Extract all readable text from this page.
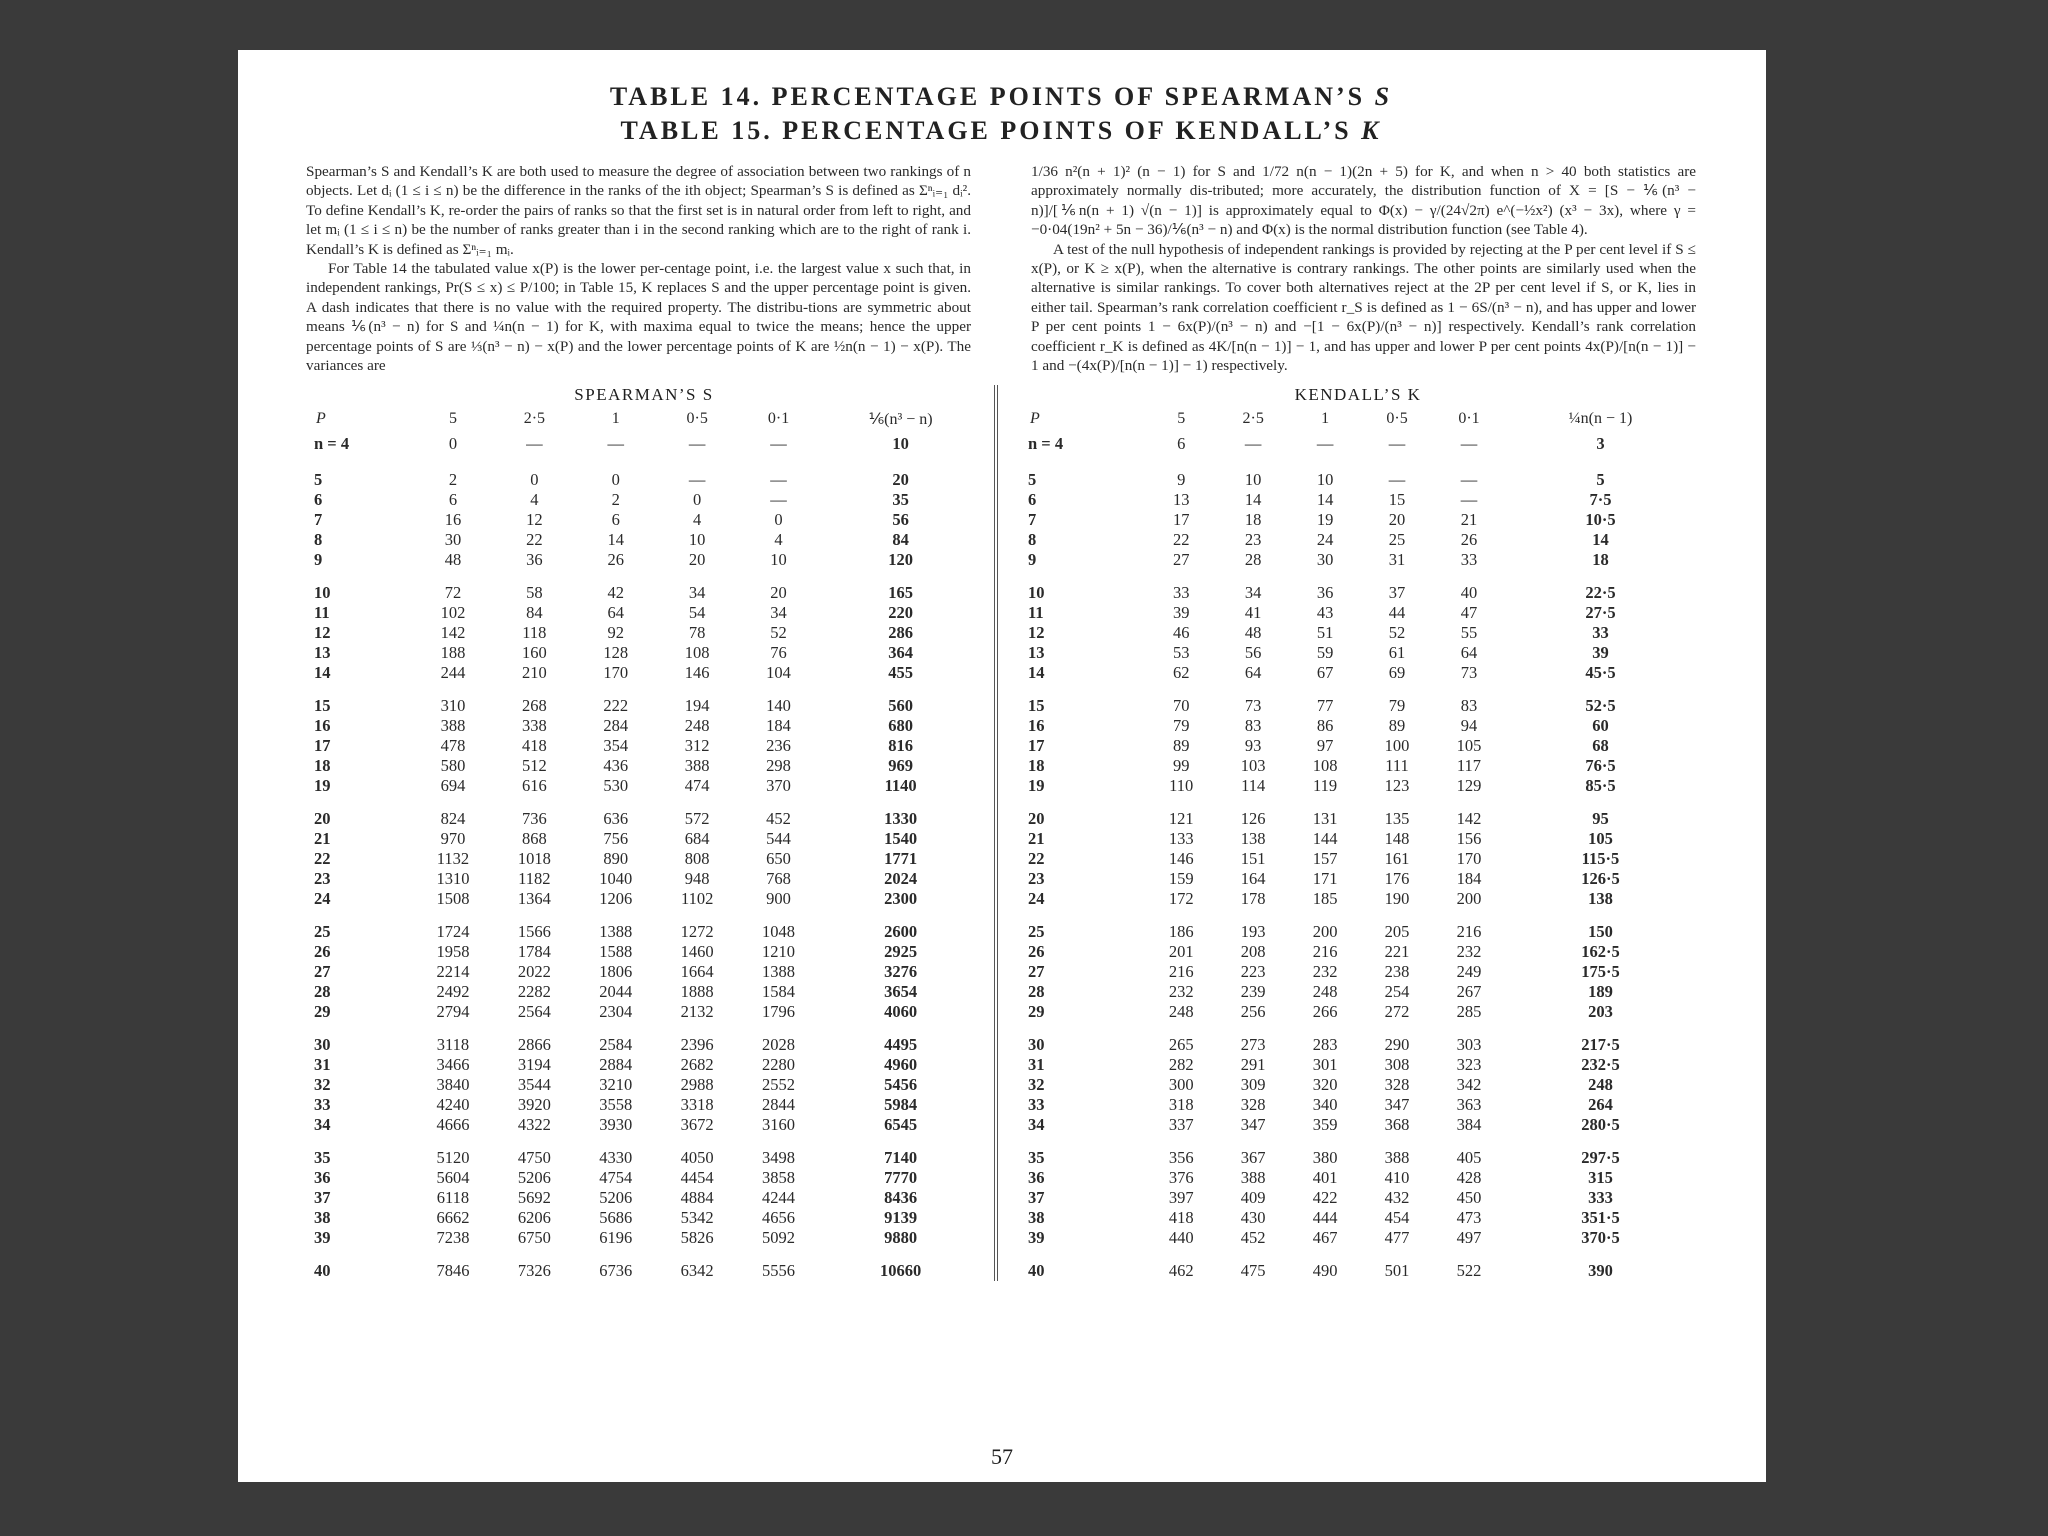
TABLE 14. PERCENTAGE POINTS OF SPEARMAN’S S
TABLE 15. PERCENTAGE POINTS OF KENDALL’S K

Spearman’s S and Kendall’s K are both used to measure the degree of association between two rankings of n objects. Let dᵢ (1 ≤ i ≤ n) be the difference in the ranks of the ith object; Spearman’s S is defined as Σⁿᵢ₌₁ dᵢ². To define Kendall’s K, re-order the pairs of ranks so that the first set is in natural order from left to right, and let mᵢ (1 ≤ i ≤ n) be the number of ranks greater than i in the second ranking which are to the right of rank i. Kendall’s K is defined as Σⁿᵢ₌₁ mᵢ.

For Table 14 the tabulated value x(P) is the lower per-centage point, i.e. the largest value x such that, in independent rankings, Pr(S ≤ x) ≤ P/100; in Table 15, K replaces S and the upper percentage point is given. A dash indicates that there is no value with the required property. The distribu-tions are symmetric about means ⅙(n³ − n) for S and ¼n(n − 1) for K, with maxima equal to twice the means; hence the upper percentage points of S are ⅓(n³ − n) − x(P) and the lower percentage points of K are ½n(n − 1) − x(P). The variances are

1/36 n²(n + 1)² (n − 1) for S and 1/72 n(n − 1)(2n + 5) for K, and when n > 40 both statistics are approximately normally dis-tributed; more accurately, the distribution function of X = [S − ⅙(n³ − n)]/[⅙n(n + 1) √(n − 1)] is approximately equal to Φ(x) − γ/(24√2π) e^(−½x²) (x³ − 3x), where γ = −0·04(19n² + 5n − 36)/⅙(n³ − n) and Φ(x) is the normal distribution function (see Table 4).

A test of the null hypothesis of independent rankings is provided by rejecting at the P per cent level if S ≤ x(P), or K ≥ x(P), when the alternative is contrary rankings. The other points are similarly used when the alternative is similar rankings. To cover both alternatives reject at the 2P per cent level if S, or K, lies in either tail. Spearman’s rank correlation coefficient r_S is defined as 1 − 6S/(n³ − n), and has upper and lower P per cent points 1 − 6x(P)/(n³ − n) and −[1 − 6x(P)/(n³ − n)] respectively. Kendall’s rank correlation coefficient r_K is defined as 4K/[n(n − 1)] − 1, and has upper and lower P per cent points 4x(P)/[n(n − 1)] − 1 and −(4x(P)/[n(n − 1)] − 1) respectively.

SPEARMAN’S S
P	5	2·5	1	0·5	0·1	⅙(n³ − n)
n = 4	0	—	—	—	—	10
5	2	0	0	—	—	20
6	6	4	2	0	—	35
7	16	12	6	4	0	56
8	30	22	14	10	4	84
9	48	36	26	20	10	120
10	72	58	42	34	20	165
11	102	84	64	54	34	220
12	142	118	92	78	52	286
13	188	160	128	108	76	364
14	244	210	170	146	104	455
15	310	268	222	194	140	560
16	388	338	284	248	184	680
17	478	418	354	312	236	816
18	580	512	436	388	298	969
19	694	616	530	474	370	1140
20	824	736	636	572	452	1330
21	970	868	756	684	544	1540
22	1132	1018	890	808	650	1771
23	1310	1182	1040	948	768	2024
24	1508	1364	1206	1102	900	2300
25	1724	1566	1388	1272	1048	2600
26	1958	1784	1588	1460	1210	2925
27	2214	2022	1806	1664	1388	3276
28	2492	2282	2044	1888	1584	3654
29	2794	2564	2304	2132	1796	4060
30	3118	2866	2584	2396	2028	4495
31	3466	3194	2884	2682	2280	4960
32	3840	3544	3210	2988	2552	5456
33	4240	3920	3558	3318	2844	5984
34	4666	4322	3930	3672	3160	6545
35	5120	4750	4330	4050	3498	7140
36	5604	5206	4754	4454	3858	7770
37	6118	5692	5206	4884	4244	8436
38	6662	6206	5686	5342	4656	9139
39	7238	6750	6196	5826	5092	9880
40	7846	7326	6736	6342	5556	10660
KENDALL’S K
P	5	2·5	1	0·5	0·1	¼n(n − 1)
n = 4	6	—	—	—	—	3
5	9	10	10	—	—	5
6	13	14	14	15	—	7·5
7	17	18	19	20	21	10·5
8	22	23	24	25	26	14
9	27	28	30	31	33	18
10	33	34	36	37	40	22·5
11	39	41	43	44	47	27·5
12	46	48	51	52	55	33
13	53	56	59	61	64	39
14	62	64	67	69	73	45·5
15	70	73	77	79	83	52·5
16	79	83	86	89	94	60
17	89	93	97	100	105	68
18	99	103	108	111	117	76·5
19	110	114	119	123	129	85·5
20	121	126	131	135	142	95
21	133	138	144	148	156	105
22	146	151	157	161	170	115·5
23	159	164	171	176	184	126·5
24	172	178	185	190	200	138
25	186	193	200	205	216	150
26	201	208	216	221	232	162·5
27	216	223	232	238	249	175·5
28	232	239	248	254	267	189
29	248	256	266	272	285	203
30	265	273	283	290	303	217·5
31	282	291	301	308	323	232·5
32	300	309	320	328	342	248
33	318	328	340	347	363	264
34	337	347	359	368	384	280·5
35	356	367	380	388	405	297·5
36	376	388	401	410	428	315
37	397	409	422	432	450	333
38	418	430	444	454	473	351·5
39	440	452	467	477	497	370·5
40	462	475	490	501	522	390
57
